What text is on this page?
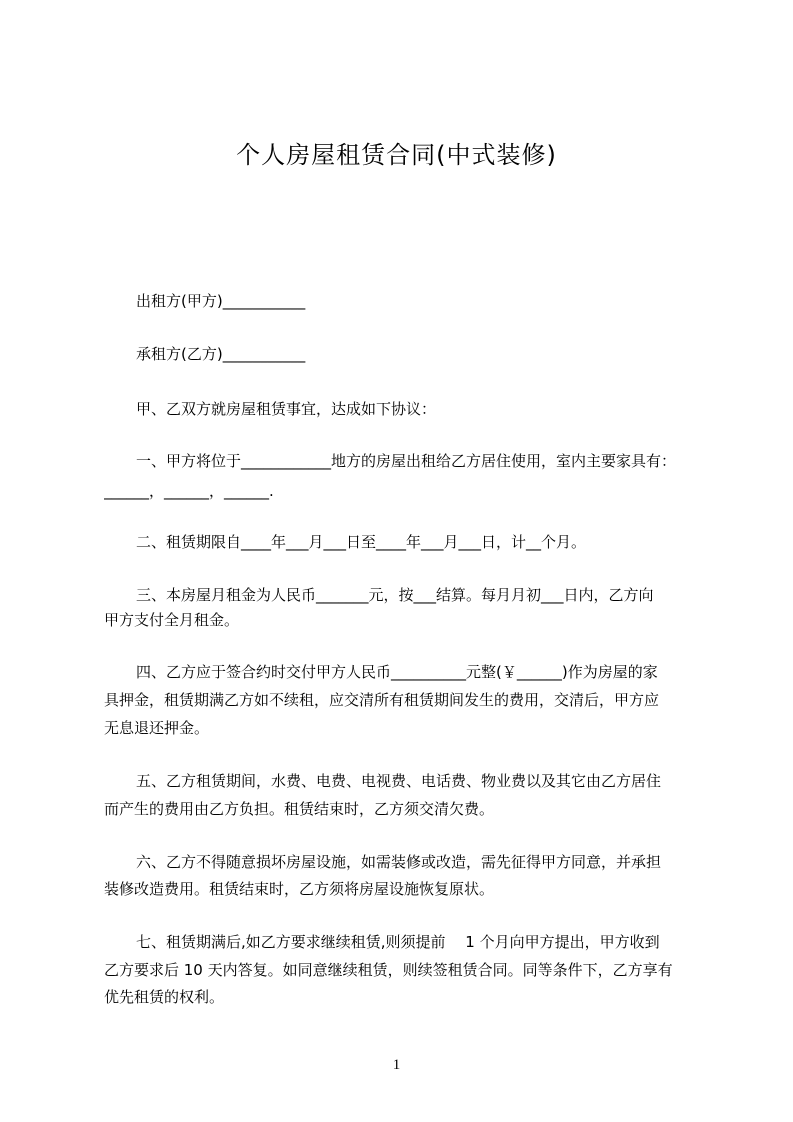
个人房屋租赁合同(中式装修)
出租方(甲方)___________
承租方(乙方)___________
甲、乙双方就房屋租赁事宜，达成如下协议：
一、甲方将位于____________地方的房屋出租给乙方居住使用，室内主要家具有：
______，______，______.
二、租赁期限自____年___月___日至____年___月___日，计__个月。
三、本房屋月租金为人民币_______元，按___结算。每月月初___日内，乙方向
甲方支付全月租金。
四、乙方应于签合约时交付甲方人民币__________元整(￥______)作为房屋的家
具押金，租赁期满乙方如不续租，应交清所有租赁期间发生的费用，交清后，甲方应
无息退还押金。
五、乙方租赁期间，水费、电费、电视费、电话费、物业费以及其它由乙方居住
而产生的费用由乙方负担。租赁结束时，乙方须交清欠费。
六、乙方不得随意损坏房屋设施，如需装修或改造，需先征得甲方同意，并承担
装修改造费用。租赁结束时，乙方须将房屋设施恢复原状。
七、租赁期满后,如乙方要求继续租赁,则须提前　 1 个月向甲方提出，甲方收到
乙方要求后 10 天内答复。如同意继续租赁，则续签租赁合同。同等条件下，乙方享有
优先租赁的权利。
1
